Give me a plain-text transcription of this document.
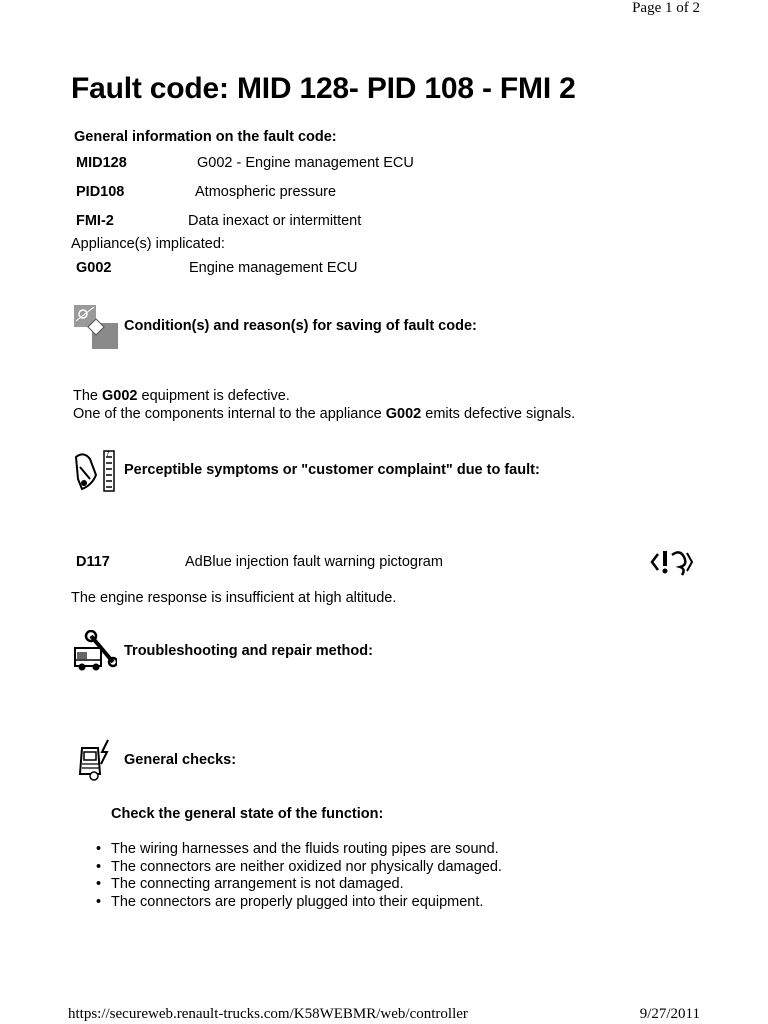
Page 1 of 2
Fault code: MID 128- PID 108 - FMI 2
General information on the fault code:
MID128	G002 - Engine management ECU
PID108	Atmospheric pressure
FMI-2	Data inexact or intermittent
Appliance(s) implicated:
G002	Engine management ECU
Condition(s) and reason(s) for saving of fault code:
The G002 equipment is defective.
One of the components internal to the appliance G002 emits defective signals.
?
Perceptible symptoms or "customer complaint" due to fault:
D117	AdBlue injection fault warning pictogram
The engine response is insufficient at high altitude.
Troubleshooting and repair method:
General checks:
Check the general state of the function:
• The wiring harnesses and the fluids routing pipes are sound.
• The connectors are neither oxidized nor physically damaged.
• The connecting arrangement is not damaged.
• The connectors are properly plugged into their equipment.
https://secureweb.renault-trucks.com/K58WEBMR/web/controller	9/27/2011
